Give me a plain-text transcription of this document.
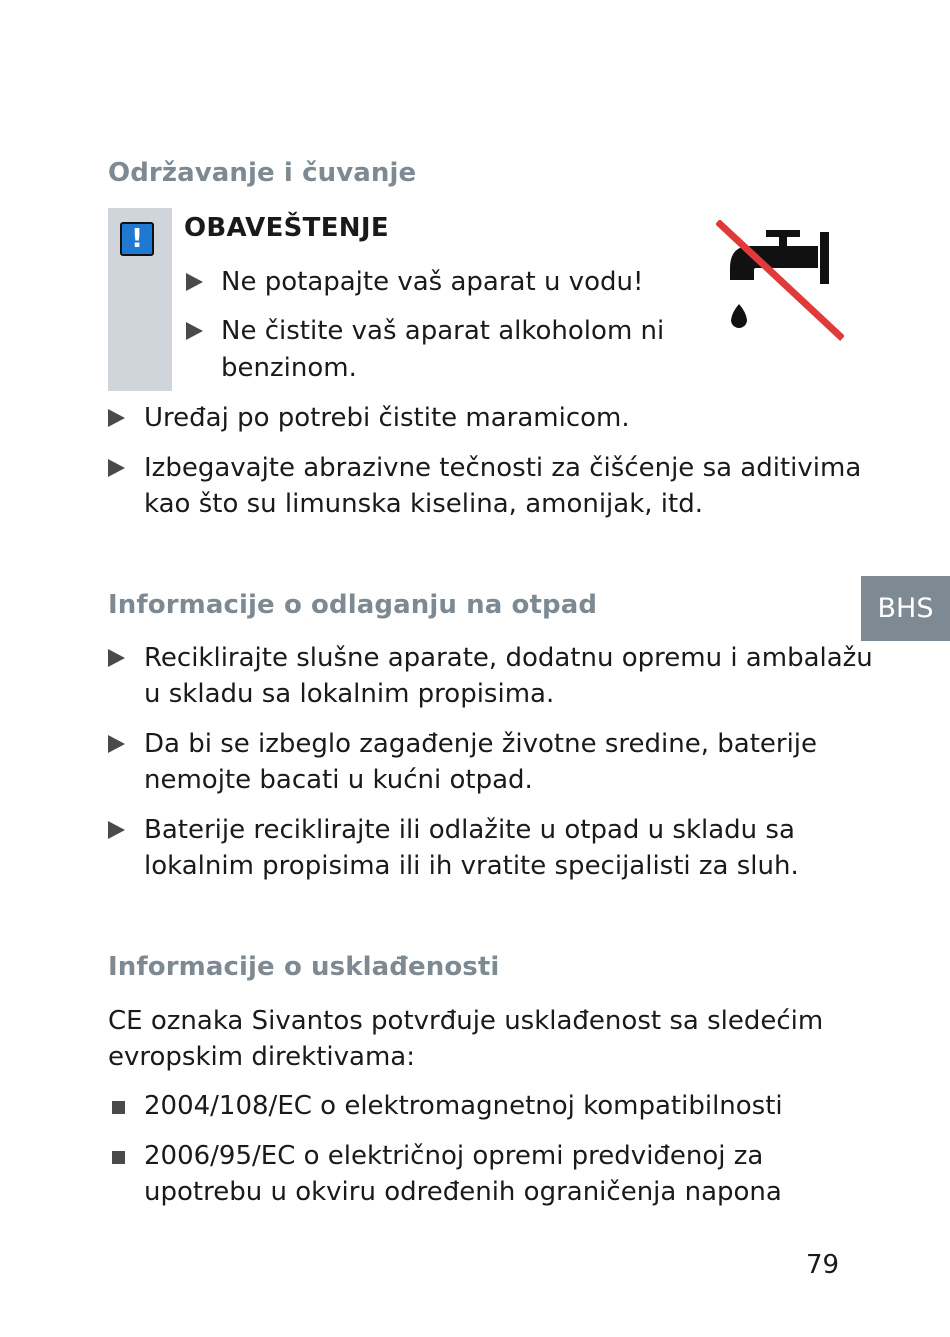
Održavanje i čuvanje
!	OBAVEŠTENJE

Ne potapajte vaš aparat u vodu!

Ne čistite vaš aparat alkoholom ni

benzinom.

Uređaj po potrebi čistite maramicom.

Izbegavajte abrazivne tečnosti za čišćenje sa aditivima

kao što su limunska kiselina, amonijak, itd.

Informacije o odlaganju na otpad	BHS

Reciklirajte slušne aparate, dodatnu opremu i ambalažu

u skladu sa lokalnim propisima.

Da bi se izbeglo zagađenje životne sredine, baterije

nemojte bacati u kućni otpad.

Baterije reciklirajte ili odlažite u otpad u skladu sa

lokalnim propisima ili ih vratite specijalisti za sluh.

Informacije o usklađenosti

CE oznaka Sivantos potvrđuje usklađenost sa sledećim

evropskim direktivama:

2004/108/EC o elektromagnetnoj kompatibilnosti

2006/95/EC o električnoj opremi predviđenoj za

upotrebu u okviru određenih ograničenja napona

79
